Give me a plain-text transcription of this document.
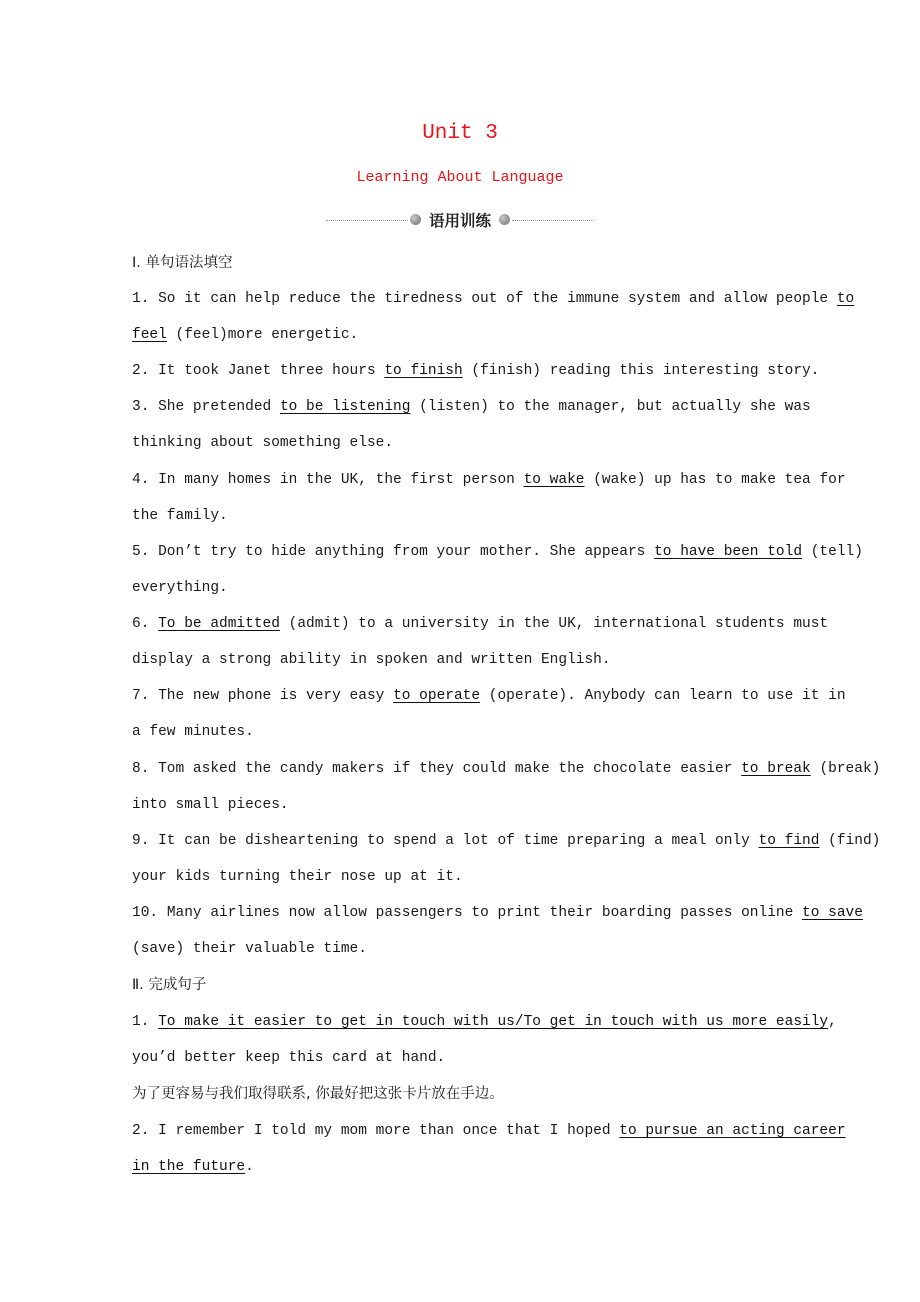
Unit 3
Learning About Language
语用训练
Ⅰ. 单句语法填空
1. So it can help reduce the tiredness out of the immune system and allow people to
feel (feel)more energetic.
2. It took Janet three hours to finish (finish) reading this interesting story.
3. She pretended to be listening (listen) to the manager, but actually she was
thinking about something else.
4. In many homes in the UK, the first person to wake (wake) up has to make tea for
the family.
5. Don’t try to hide anything from your mother. She appears to have been told (tell)
everything.
6. To be admitted (admit) to a university in the UK, international students must
display a strong ability in spoken and written English.
7. The new phone is very easy to operate (operate). Anybody can learn to use it in
a few minutes.
8. Tom asked the candy makers if they could make the chocolate easier to break (break)
into small pieces.
9. It can be disheartening to spend a lot of time preparing a meal only to find (find)
your kids turning their nose up at it.
10. Many airlines now allow passengers to print their boarding passes online to save
(save) their valuable time.
Ⅱ. 完成句子
1. To make it easier to get in touch with us/To get in touch with us more easily,
you’d better keep this card at hand.
为了更容易与我们取得联系, 你最好把这张卡片放在手边。
2. I remember I told my mom more than once that I hoped to pursue an acting career
in the future.
